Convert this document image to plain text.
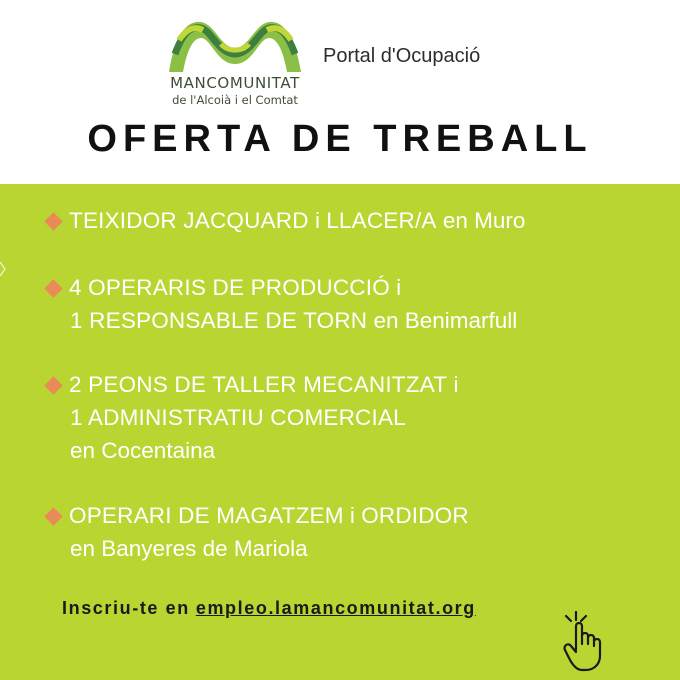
MANCOMUNITAT
de l'Alcoià i el Comtat
Portal d'Ocupació
OFERTA DE TREBALL
TEIXIDOR JACQUARD i LLACER/A en Muro
4 OPERARIS DE PRODUCCIÓ i
1 RESPONSABLE DE TORN en Benimarfull
2 PEONS DE TALLER MECANITZAT i
1 ADMINISTRATIU COMERCIAL
en Cocentaina
OPERARI DE MAGATZEM i ORDIDOR
en Banyeres de Mariola
Inscriu-te en empleo.lamancomunitat.org
